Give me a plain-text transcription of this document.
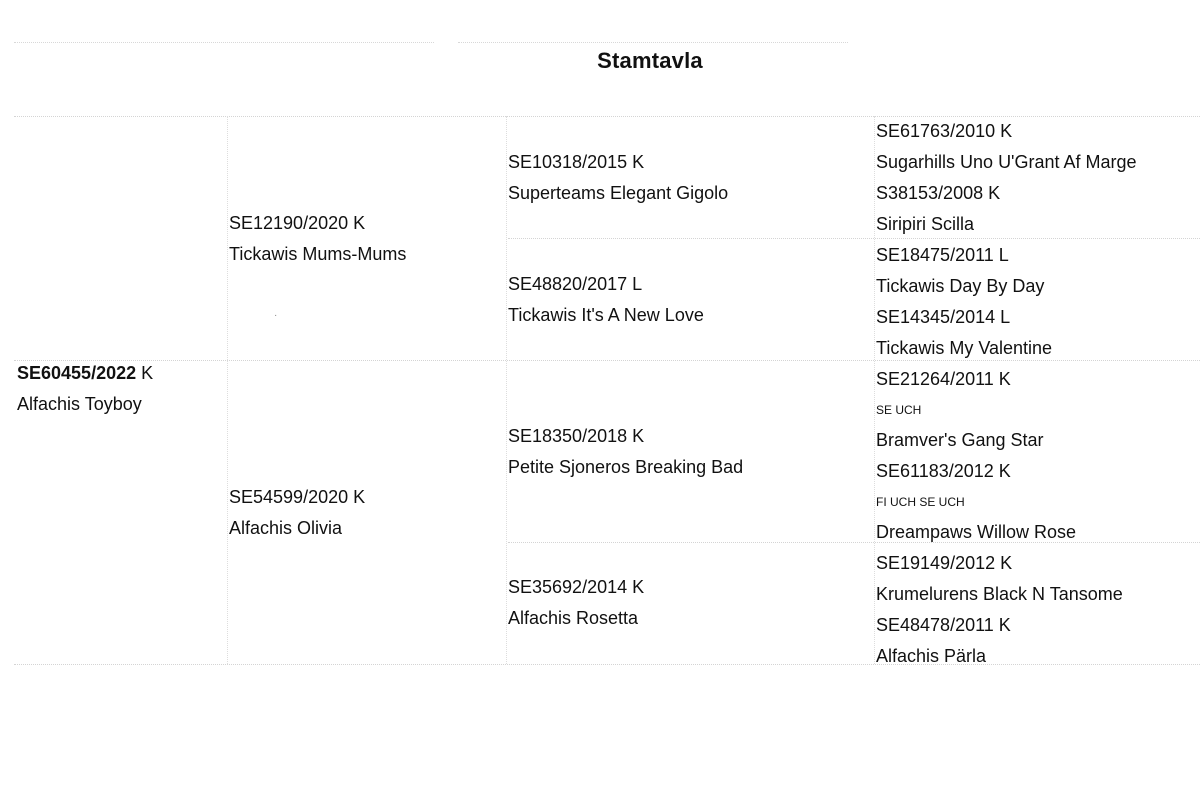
Stamtavla
SE60455/2022 K
Alfachis Toyboy
SE12190/2020 K
Tickawis Mums-Mums
SE54599/2020 K
Alfachis Olivia
SE10318/2015 K
Superteams Elegant Gigolo
SE48820/2017 L
Tickawis It's A New Love
SE18350/2018 K
Petite Sjoneros Breaking Bad
SE35692/2014 K
Alfachis Rosetta
SE61763/2010 K
Sugarhills Uno U'Grant Af Marge
S38153/2008 K
Siripiri Scilla
SE18475/2011 L
Tickawis Day By Day
SE14345/2014 L
Tickawis My Valentine
SE21264/2011 K
SE UCH
Bramver's Gang Star
SE61183/2012 K
FI UCH SE UCH
Dreampaws Willow Rose
SE19149/2012 K
Krumelurens Black N Tansome
SE48478/2011 K
Alfachis Pärla
·
